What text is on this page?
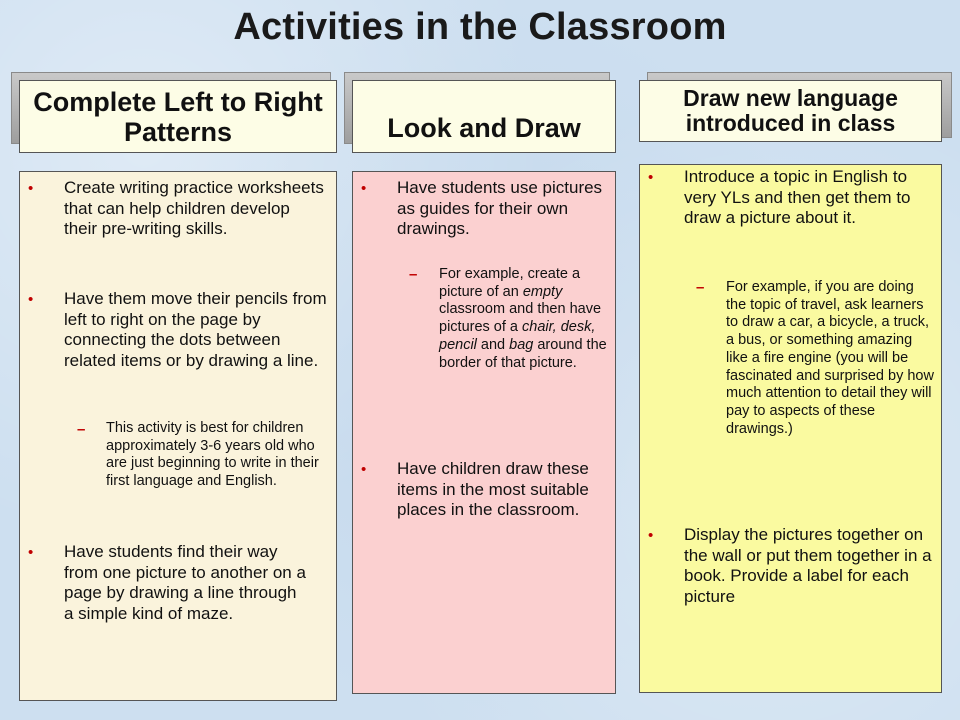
Activities in the Classroom
Complete Left to Right Patterns	Look and Draw
Draw new language introduced in class
• Create writing practice worksheets that can help children develop their pre-writing skills.
• Have them move their pencils from left to right on the page by connecting the dots between related items or by drawing a line.
– This activity is best for children approximately 3-6 years old who are just beginning to write in their first language and English.
• Have students find their way from one picture to another on a page by drawing a line through a simple kind of maze.
• Have students use pictures as guides for their own drawings.
– For example, create a picture of an empty classroom and then have pictures of a chair, desk, pencil and bag around the border of that picture.
• Have children draw these items in the most suitable places in the classroom.
• Introduce a topic in English to very YLs and then get them to draw a picture about it.
– For example, if you are doing the topic of travel, ask learners to draw a car, a bicycle, a truck, a bus, or something amazing like a fire engine (you will be fascinated and surprised by how much attention to detail they will pay to aspects of these drawings.)
• Display the pictures together on the wall or put them together in a book. Provide a label for each picture
